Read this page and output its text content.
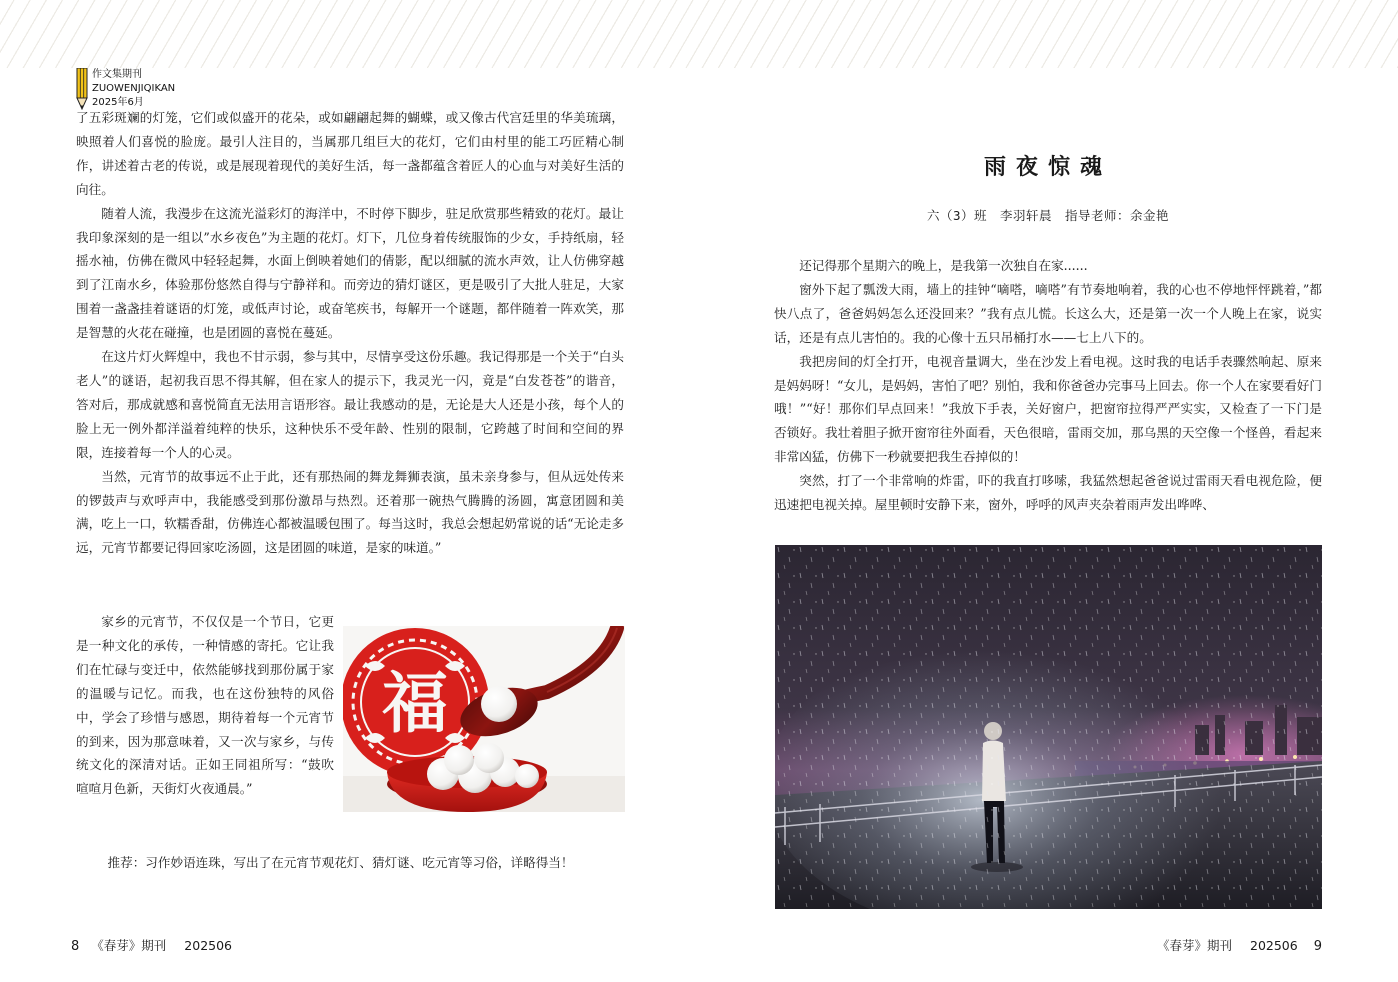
作文集期刊
ZUOWENJIQIKAN
2025年6月

了五彩斑斓的灯笼，它们或似盛开的花朵，或如翩翩起舞的蝴蝶，或又像古代宫廷里的华美琉璃，映照着人们喜悦的脸庞。最引人注目的，当属那几组巨大的花灯，它们由村里的能工巧匠精心制作，讲述着古老的传说，或是展现着现代的美好生活，每一盏都蕴含着匠人的心血与对美好生活的向往。

随着人流，我漫步在这流光溢彩灯的海洋中，不时停下脚步，驻足欣赏那些精致的花灯。最让我印象深刻的是一组以”水乡夜色”为主题的花灯。灯下，几位身着传统服饰的少女，手持纸扇，轻摇水袖，仿佛在微风中轻轻起舞，水面上倒映着她们的倩影，配以细腻的流水声效，让人仿佛穿越到了江南水乡，体验那份悠然自得与宁静祥和。而旁边的猜灯谜区，更是吸引了大批人驻足，大家围着一盏盏挂着谜语的灯笼，或低声讨论，或奋笔疾书，每解开一个谜题，都伴随着一阵欢笑，那是智慧的火花在碰撞，也是团圆的喜悦在蔓延。

在这片灯火辉煌中，我也不甘示弱，参与其中，尽情享受这份乐趣。我记得那是一个关于“白头老人”的谜语，起初我百思不得其解，但在家人的提示下，我灵光一闪，竟是“白发苍苍”的谐音，答对后，那成就感和喜悦简直无法用言语形容。最让我感动的是，无论是大人还是小孩，每个人的脸上无一例外都洋溢着纯粹的快乐，这种快乐不受年龄、性别的限制，它跨越了时间和空间的界限，连接着每一个人的心灵。

当然，元宵节的故事远不止于此，还有那热闹的舞龙舞狮表演，虽未亲身参与，但从远处传来的锣鼓声与欢呼声中，我能感受到那份激昂与热烈。还着那一碗热气腾腾的汤圆，寓意团圆和美满，吃上一口，软糯香甜，仿佛连心都被温暖包围了。每当这时，我总会想起奶常说的话“无论走多远，元宵节都要记得回家吃汤圆，这是团圆的味道，是家的味道。”

家乡的元宵节，不仅仅是一个节日，它更是一种文化的承传，一种情感的寄托。它让我们在忙碌与变迁中，依然能够找到那份属于家的温暖与记忆。而我，也在这份独特的风俗中，学会了珍惜与感恩，期待着每一个元宵节的到来，因为那意味着，又一次与家乡，与传统文化的深清对话。正如王同祖所写：“鼓吹喧喧月色新，天街灯火夜通晨。”

福
推荐：习作妙语连珠，写出了在元宵节观花灯、猜灯谜、吃元宵等习俗，详略得当！
雨夜惊魂
六（3）班　李羽轩晨　指导老师：余金艳

还记得那个星期六的晚上，是我第一次独自在家......

窗外下起了瓢泼大雨，墙上的挂钟“嘀嗒，嘀嗒”有节奏地响着，我的心也不停地怦怦跳着，”都快八点了，爸爸妈妈怎么还没回来？”我有点儿慌。长这么大，还是第一次一个人晚上在家，说实话，还是有点儿害怕的。我的心像十五只吊桶打水——七上八下的。

我把房间的灯全打开，电视音量调大，坐在沙发上看电视。这时我的电话手表骤然响起、原来是妈妈呀！“女儿，是妈妈，害怕了吧？别怕，我和你爸爸办完事马上回去。你一个人在家要看好门哦！”“好！那你们早点回来！”我放下手表，关好窗户，把窗帘拉得严严实实，又检查了一下门是否锁好。我壮着胆子掀开窗帘往外面看，天色很暗，雷雨交加，那乌黑的天空像一个怪兽，看起来非常凶猛，仿佛下一秒就要把我生吞掉似的！

突然，打了一个非常响的炸雷，吓的我直打哆嗦，我猛然想起爸爸说过雷雨天看电视危险，便迅速把电视关掉。屋里顿时安静下来，窗外，呼呼的风声夹杂着雨声发出哗哗、

8 《春芽》期刊 202506	《春芽》期刊 202506 9
